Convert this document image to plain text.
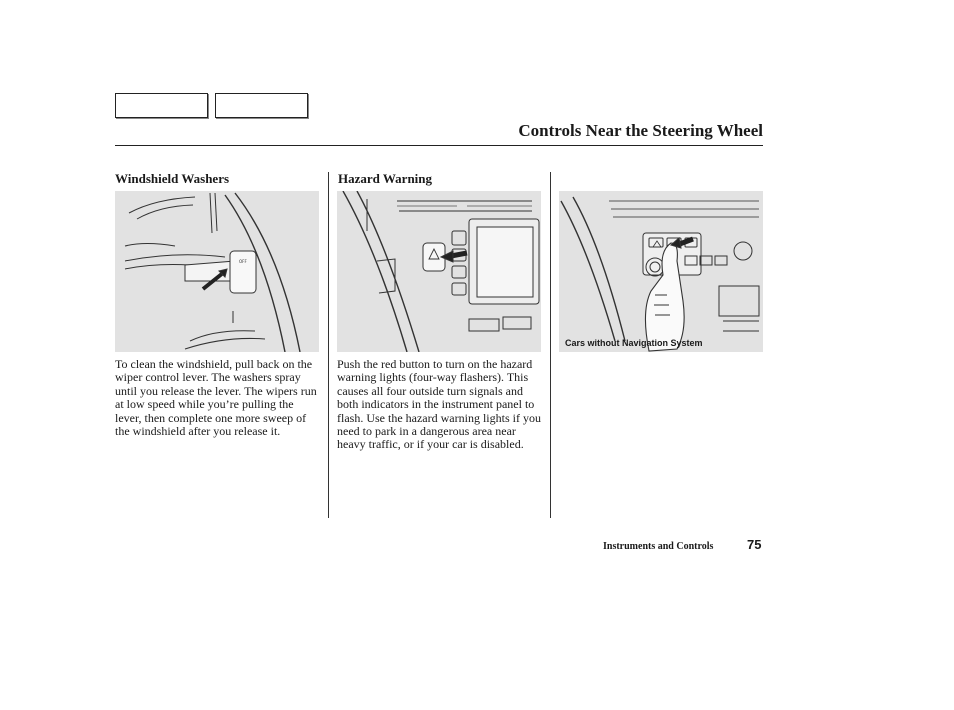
Controls Near the Steering Wheel
Windshield Washers	Hazard Warning
OFF
Cars without Navigation System
To clean the windshield, pull back on the wiper control lever. The washers spray until you release the lever. The wipers run at low speed while you’re pulling the lever, then complete one more sweep of the windshield after you release it.
Push the red button to turn on the hazard warning lights (four-way flashers). This causes all four outside turn signals and both indicators in the instrument panel to flash. Use the hazard warning lights if you need to park in a dangerous area near heavy traffic, or if your car is disabled.
Instruments and Controls	75
